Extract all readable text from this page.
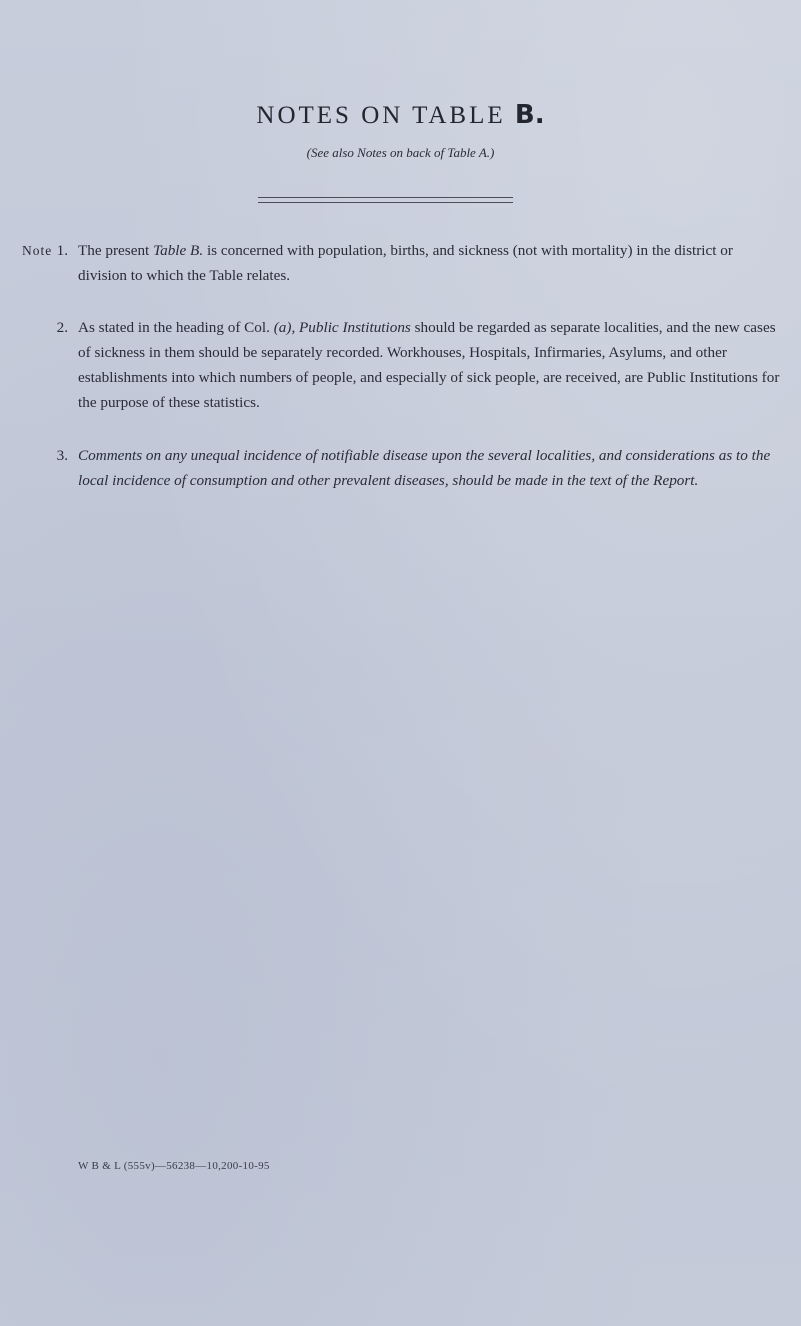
NOTES ON TABLE B.
(See also Notes on back of Table A.)
Note 1. The present Table B. is concerned with population, births, and sickness (not with mortality) in the district or division to which the Table relates.
2. As stated in the heading of Col. (a), Public Institutions should be regarded as separate localities, and the new cases of sickness in them should be separately recorded. Workhouses, Hospitals, Infirmaries, Asylums, and other establishments into which numbers of people, and especially of sick people, are received, are Public Institutions for the purpose of these statistics.
3. Comments on any unequal incidence of notifiable disease upon the several localities, and considerations as to the local incidence of consumption and other prevalent diseases, should be made in the text of the Report.
W B & L (555v)—56238—10,200-10-95
